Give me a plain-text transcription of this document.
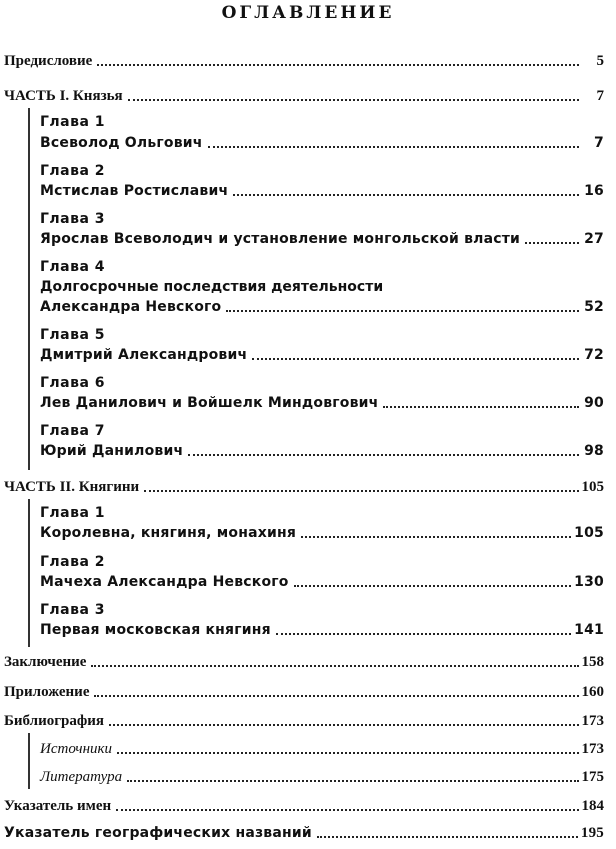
ОГЛАВЛЕНИЕ
Предисловие	5
ЧАСТЬ I. Князья	7
Глава 1
Всеволод Ольгович	7
Глава 2
Мстислав Ростиславич	16
Глава 3
Ярослав Всеволодич и установление монгольской власти	27
Глава 4
Долгосрочные последствия деятельности
Александра Невского	52
Глава 5
Дмитрий Александрович	72
Глава 6
Лев Данилович и Войшелк Миндовгович	90
Глава 7
Юрий Данилович	98
ЧАСТЬ II. Княгини	105
Глава 1
Королевна, княгиня, монахиня	105
Глава 2
Мачеха Александра Невского	130
Глава 3
Первая московская княгиня	141
Заключение	158
Приложение	160
Библиография	173
Источники	173
Литература	175
Указатель имен	184
Указатель географических названий	195
